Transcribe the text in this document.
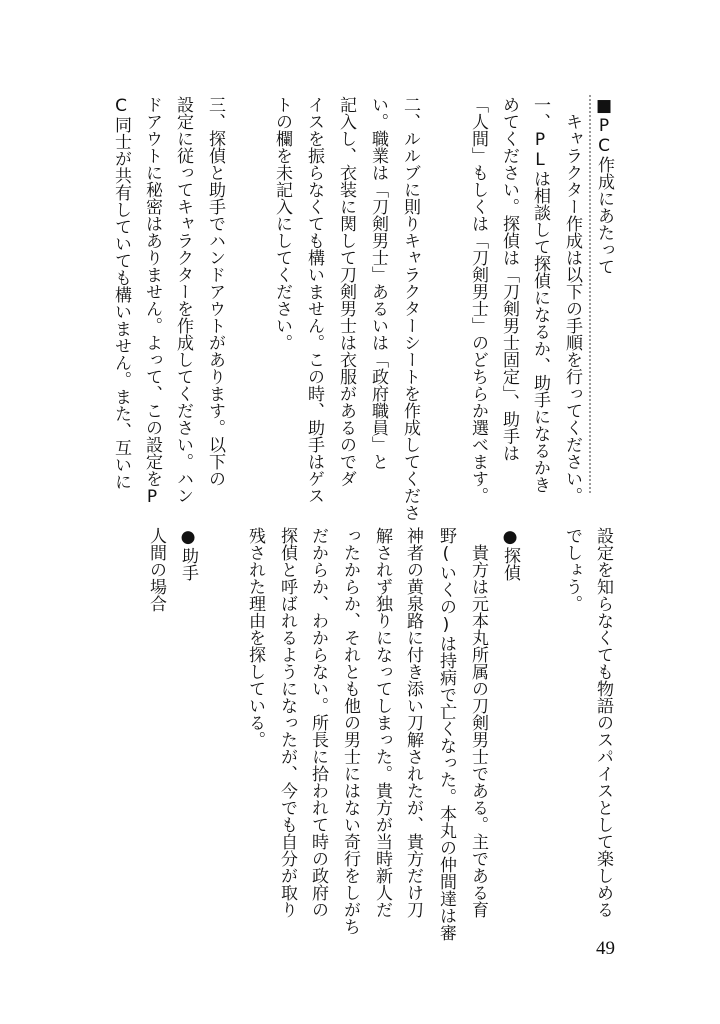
■PC作成にあたって
キャラクター作成は以下の手順を行ってください。
一、PLは相談して探偵になるか、助手になるかき
めてください。探偵は「刀剣男士固定」、助手は
「人間」もしくは「刀剣男士」のどちらか選べます。
二、ルルブに則りキャラクターシートを作成してくださ
い。職業は「刀剣男士」あるいは「政府職員」と
記入し、衣装に関して刀剣男士は衣服があるのでダ
イスを振らなくても構いません。この時、助手はゲス
トの欄を未記入にしてください。
三、探偵と助手でハンドアウトがあります。以下の
設定に従ってキャラクターを作成してください。ハン
ドアウトに秘密はありません。よって、この設定をP
C同士が共有していても構いません。また、互いに
設定を知らなくても物語のスパイスとして楽しめる
でしょう。
●探偵
貴方は元本丸所属の刀剣男士である。主である育
野(いくの)は持病で亡くなった。本丸の仲間達は審
神者の黄泉路に付き添い刀解されたが、貴方だけ刀
解されず独りになってしまった。貴方が当時新人だ
ったからか、それとも他の男士にはない奇行をしがち
だからか、わからない。所長に拾われて時の政府の
探偵と呼ばれるようになったが、今でも自分が取り
残された理由を探している。
●助手
人間の場合
49
